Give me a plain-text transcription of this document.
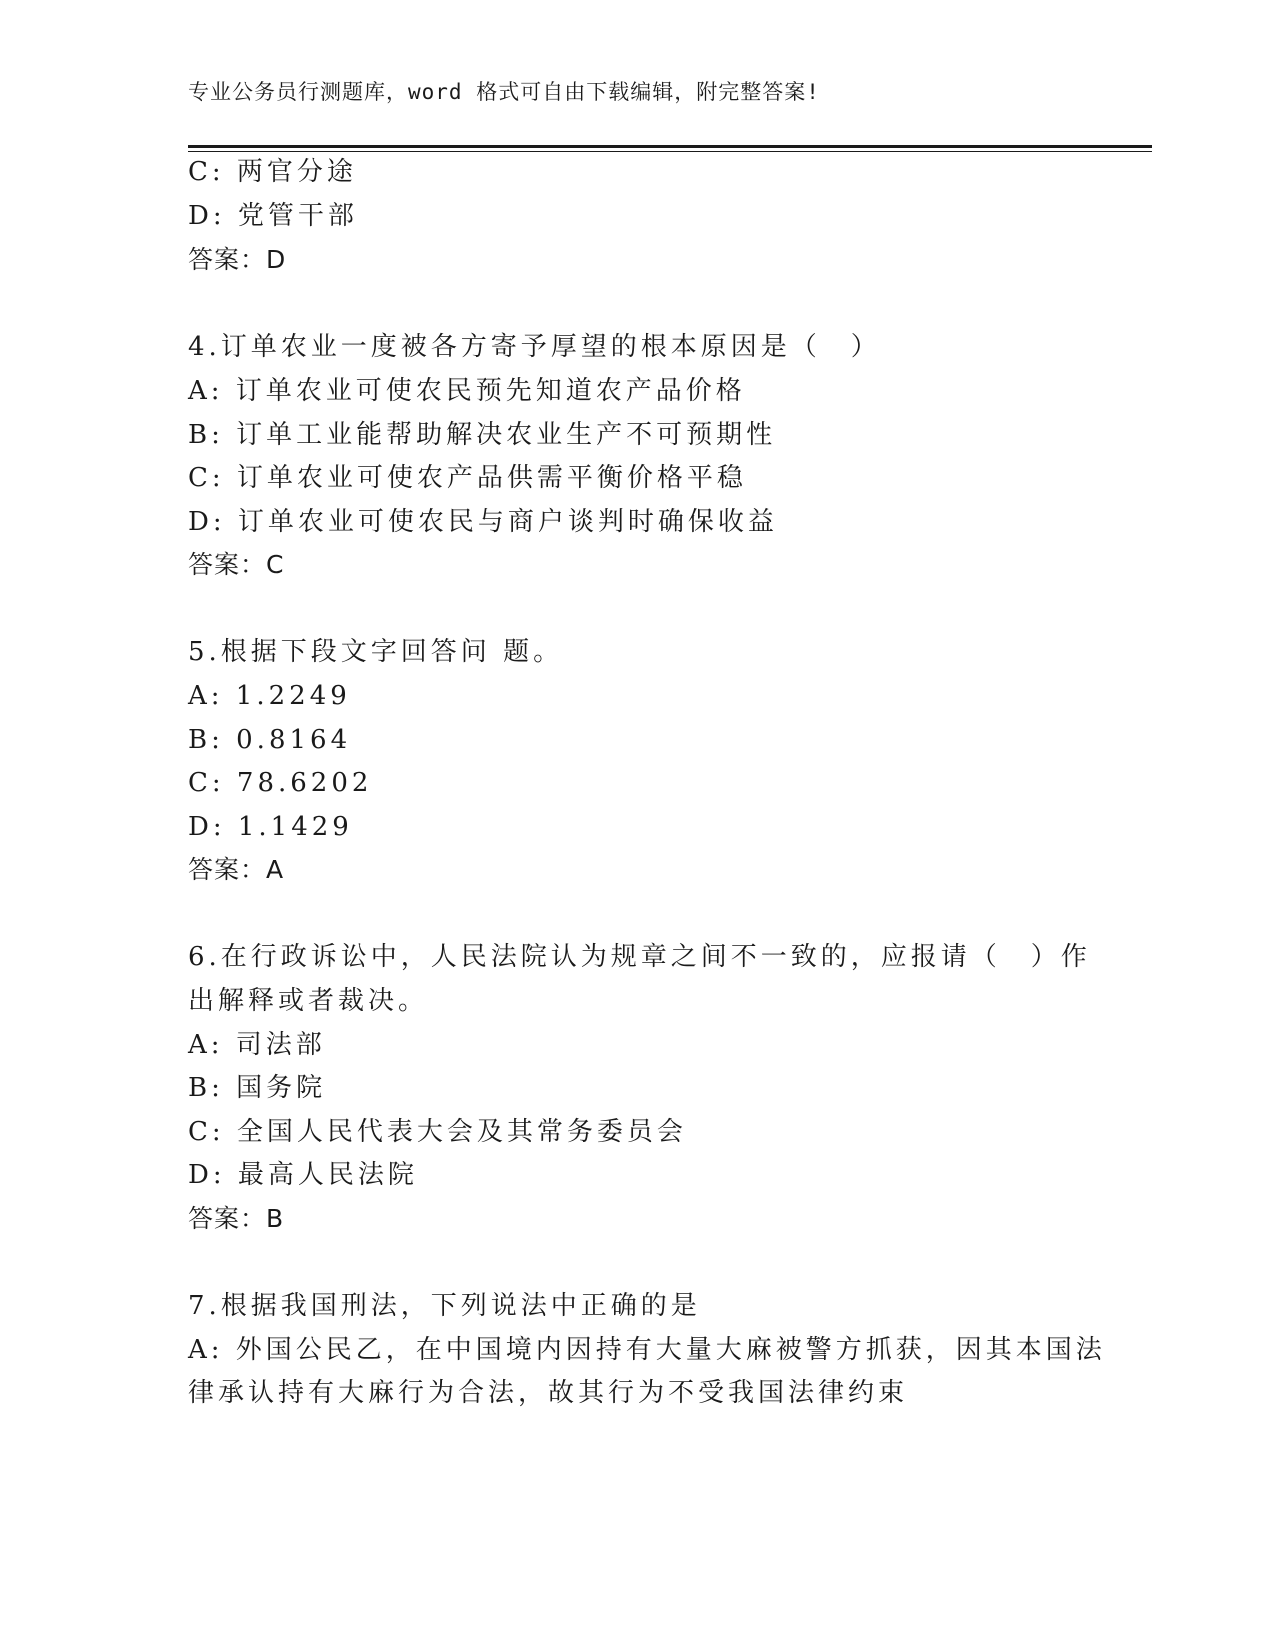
专业公务员行测题库，word 格式可自由下载编辑，附完整答案!
C: 两官分途
D: 党管干部
答案：D
4.订单农业一度被各方寄予厚望的根本原因是（　）
A: 订单农业可使农民预先知道农产品价格
B: 订单工业能帮助解决农业生产不可预期性
C: 订单农业可使农产品供需平衡价格平稳
D: 订单农业可使农民与商户谈判时确保收益
答案：C
5.根据下段文字回答问 题。
A: 1.2249
B: 0.8164
C: 78.6202
D: 1.1429
答案：A
6.在行政诉讼中，人民法院认为规章之间不一致的，应报请（　）作
出解释或者裁决。
A: 司法部
B: 国务院
C: 全国人民代表大会及其常务委员会
D: 最高人民法院
答案：B
7.根据我国刑法，下列说法中正确的是
A: 外国公民乙，在中国境内因持有大量大麻被警方抓获，因其本国法
律承认持有大麻行为合法，故其行为不受我国法律约束
